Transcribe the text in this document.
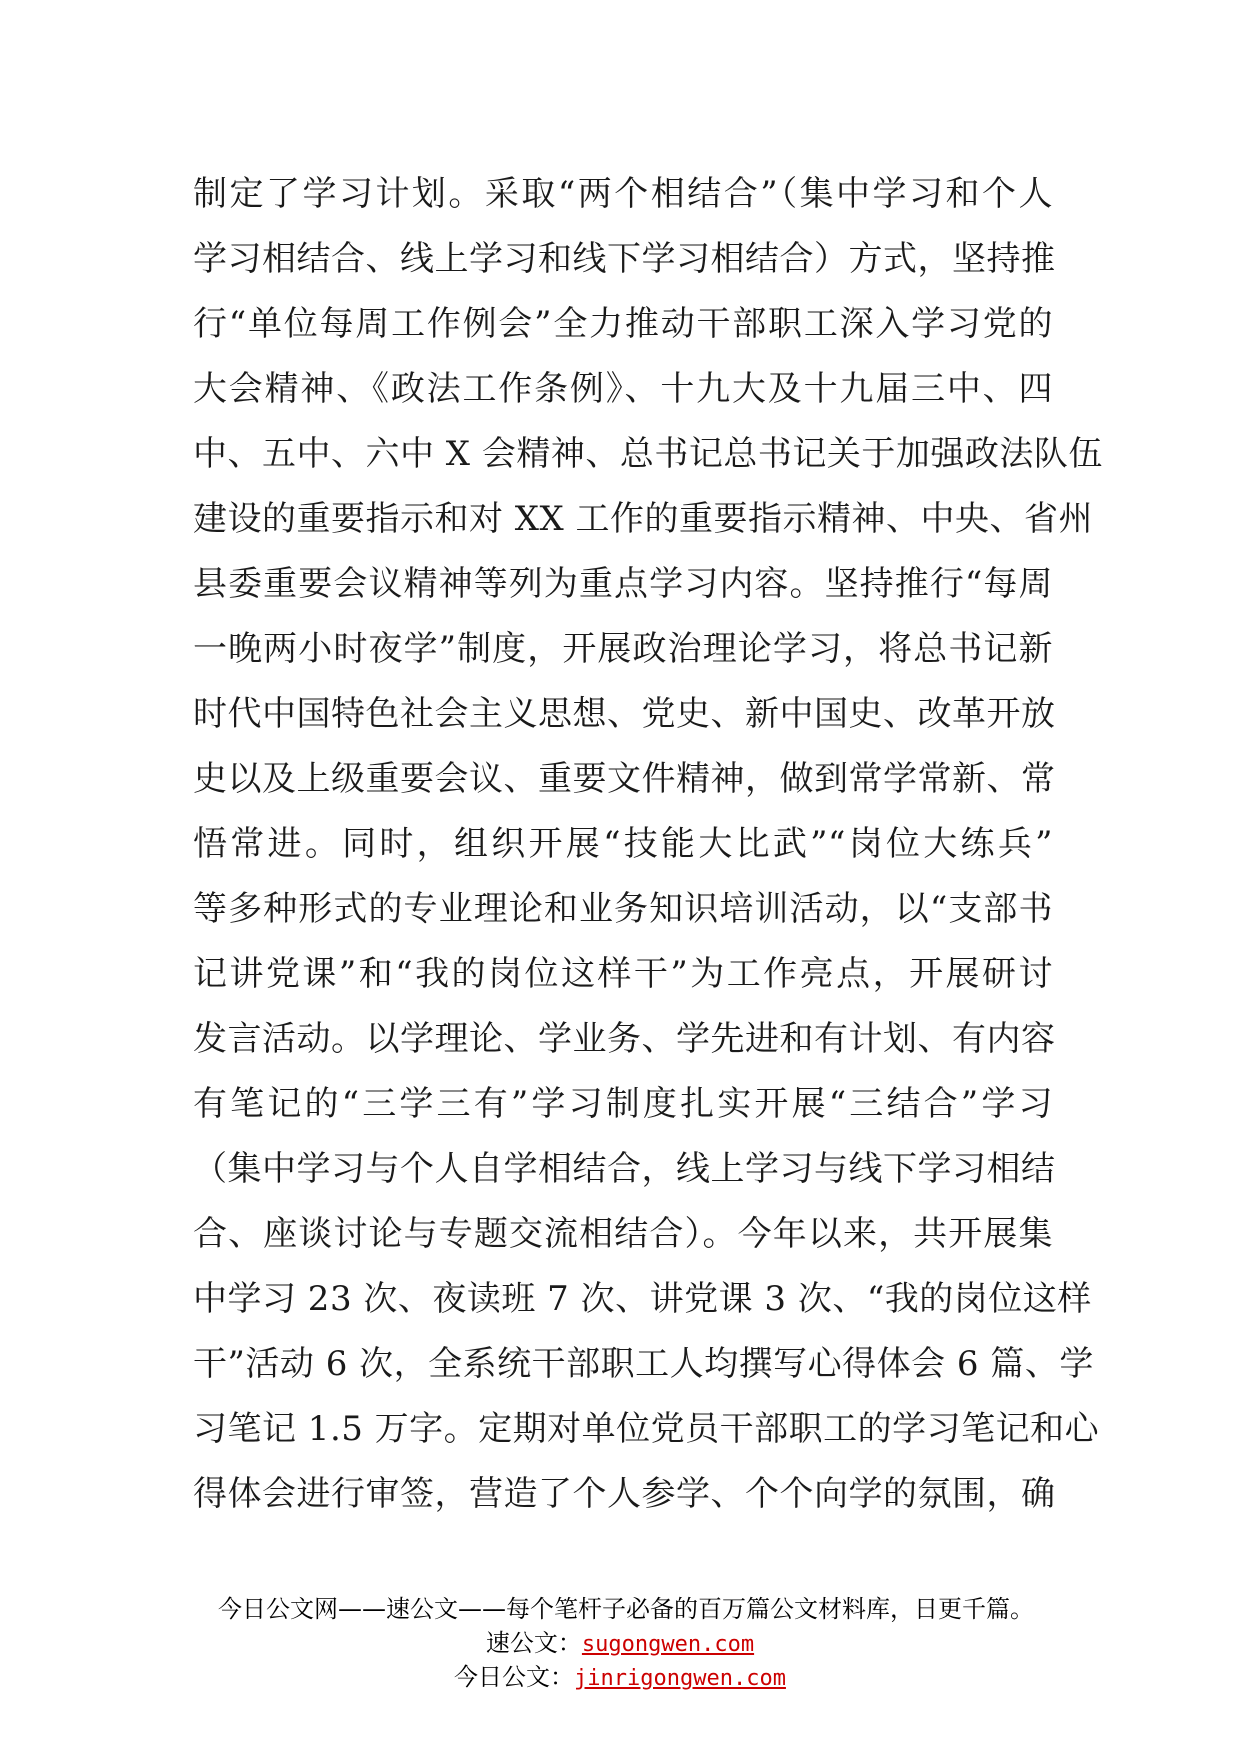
制定了学习计划。采取“两个相结合”（集中学习和个人
学习相结合、线上学习和线下学习相结合）方式，坚持推
行“单位每周工作例会”全力推动干部职工深入学习党的
大会精神、《政法工作条例》、十九大及十九届三中、四
中、五中、六中 X 会精神、总书记总书记关于加强政法队伍
建设的重要指示和对 XX 工作的重要指示精神、中央、省州
县委重要会议精神等列为重点学习内容。坚持推行“每周
一晚两小时夜学”制度，开展政治理论学习，将总书记新
时代中国特色社会主义思想、党史、新中国史、改革开放
史以及上级重要会议、重要文件精神，做到常学常新、常
悟常进。同时，组织开展“技能大比武”“岗位大练兵”
等多种形式的专业理论和业务知识培训活动，以“支部书
记讲党课”和“我的岗位这样干”为工作亮点，开展研讨
发言活动。以学理论、学业务、学先进和有计划、有内容
有笔记的“三学三有”学习制度扎实开展“三结合”学习
（集中学习与个人自学相结合，线上学习与线下学习相结
合、座谈讨论与专题交流相结合）。今年以来，共开展集
中学习 23 次、夜读班 7 次、讲党课 3 次、“我的岗位这样
干”活动 6 次，全系统干部职工人均撰写心得体会 6 篇、学
习笔记 1.5 万字。定期对单位党员干部职工的学习笔记和心
得体会进行审签，营造了个人参学、个个向学的氛围，确
今日公文网——速公文——每个笔杆子必备的百万篇公文材料库，日更千篇。
速公文：sugongwen.com
今日公文：jinrigongwen.com
